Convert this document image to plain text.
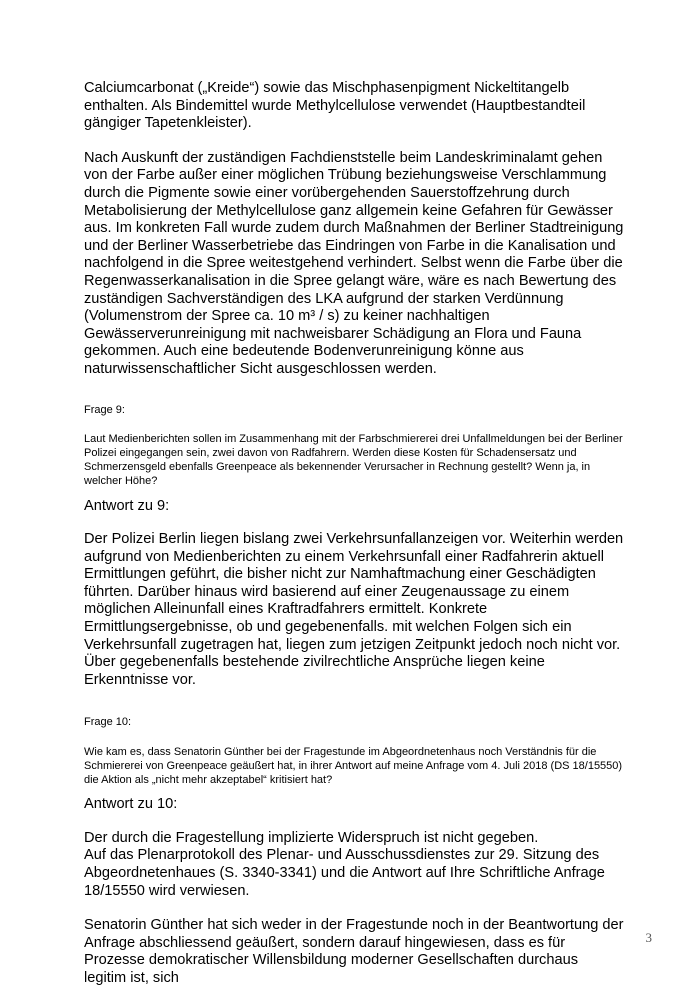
Calciumcarbonat („Kreide“) sowie das Mischphasenpigment Nickeltitangelb enthalten. Als Bindemittel wurde Methylcellulose verwendet (Hauptbestandteil gängiger Tapetenkleister).

Nach Auskunft der zuständigen Fachdienststelle beim Landeskriminalamt gehen von der Farbe außer einer möglichen Trübung beziehungsweise Verschlammung durch die Pigmente sowie einer vorübergehenden Sauerstoffzehrung durch Metabolisierung der Methylcellulose ganz allgemein keine Gefahren für Gewässer aus. Im konkreten Fall wurde zudem durch Maßnahmen der Berliner Stadtreinigung und der Berliner Wasserbetriebe das Eindringen von Farbe in die Kanalisation und nachfolgend in die Spree weitestgehend verhindert. Selbst wenn die Farbe über die Regenwasserkanalisation in die Spree gelangt wäre, wäre es nach Bewertung des zuständigen Sachverständigen des LKA aufgrund der starken Verdünnung (Volumenstrom der Spree ca. 10 m³ / s) zu keiner nachhaltigen Gewässerverunreinigung mit nachweisbarer Schädigung an Flora und Fauna gekommen. Auch eine bedeutende Bodenverunreinigung könne aus naturwissenschaftlicher Sicht ausgeschlossen werden.

Frage 9:

Laut Medienberichten sollen im Zusammenhang mit der Farbschmiererei drei Unfallmeldungen bei der Berliner Polizei eingegangen sein, zwei davon von Radfahrern. Werden diese Kosten für Schadensersatz und Schmerzensgeld ebenfalls Greenpeace als bekennender Verursacher in Rechnung gestellt? Wenn ja, in welcher Höhe?

Antwort zu 9:

Der Polizei Berlin liegen bislang zwei Verkehrsunfallanzeigen vor. Weiterhin werden aufgrund von Medienberichten zu einem Verkehrsunfall einer Radfahrerin aktuell Ermittlungen geführt, die bisher nicht zur Namhaftmachung einer Geschädigten führten. Darüber hinaus wird basierend auf einer Zeugenaussage zu einem möglichen Alleinunfall eines Kraftradfahrers ermittelt. Konkrete Ermittlungsergebnisse, ob und gegebenenfalls. mit welchen Folgen sich ein Verkehrsunfall zugetragen hat, liegen zum jetzigen Zeitpunkt jedoch noch nicht vor.

Über gegebenenfalls bestehende zivilrechtliche Ansprüche liegen keine Erkenntnisse vor.

Frage 10:

Wie kam es, dass Senatorin Günther bei der Fragestunde im Abgeordnetenhaus noch Verständnis für die Schmiererei von Greenpeace geäußert hat, in ihrer Antwort auf meine Anfrage vom 4. Juli 2018 (DS 18/15550) die Aktion als „nicht mehr akzeptabel“ kritisiert hat?

Antwort zu 10:

Der durch die Fragestellung implizierte Widerspruch ist nicht gegeben.

Auf das Plenarprotokoll des Plenar- und Ausschussdienstes zur 29. Sitzung des Abgeordnetenhaues (S. 3340-3341) und die Antwort auf Ihre Schriftliche Anfrage 18/15550 wird verwiesen.

Senatorin Günther hat sich weder in der Fragestunde noch in der Beantwortung der Anfrage abschliessend geäußert, sondern darauf hingewiesen, dass es für Prozesse demokratischer Willensbildung moderner Gesellschaften durchaus legitim ist, sich

3
